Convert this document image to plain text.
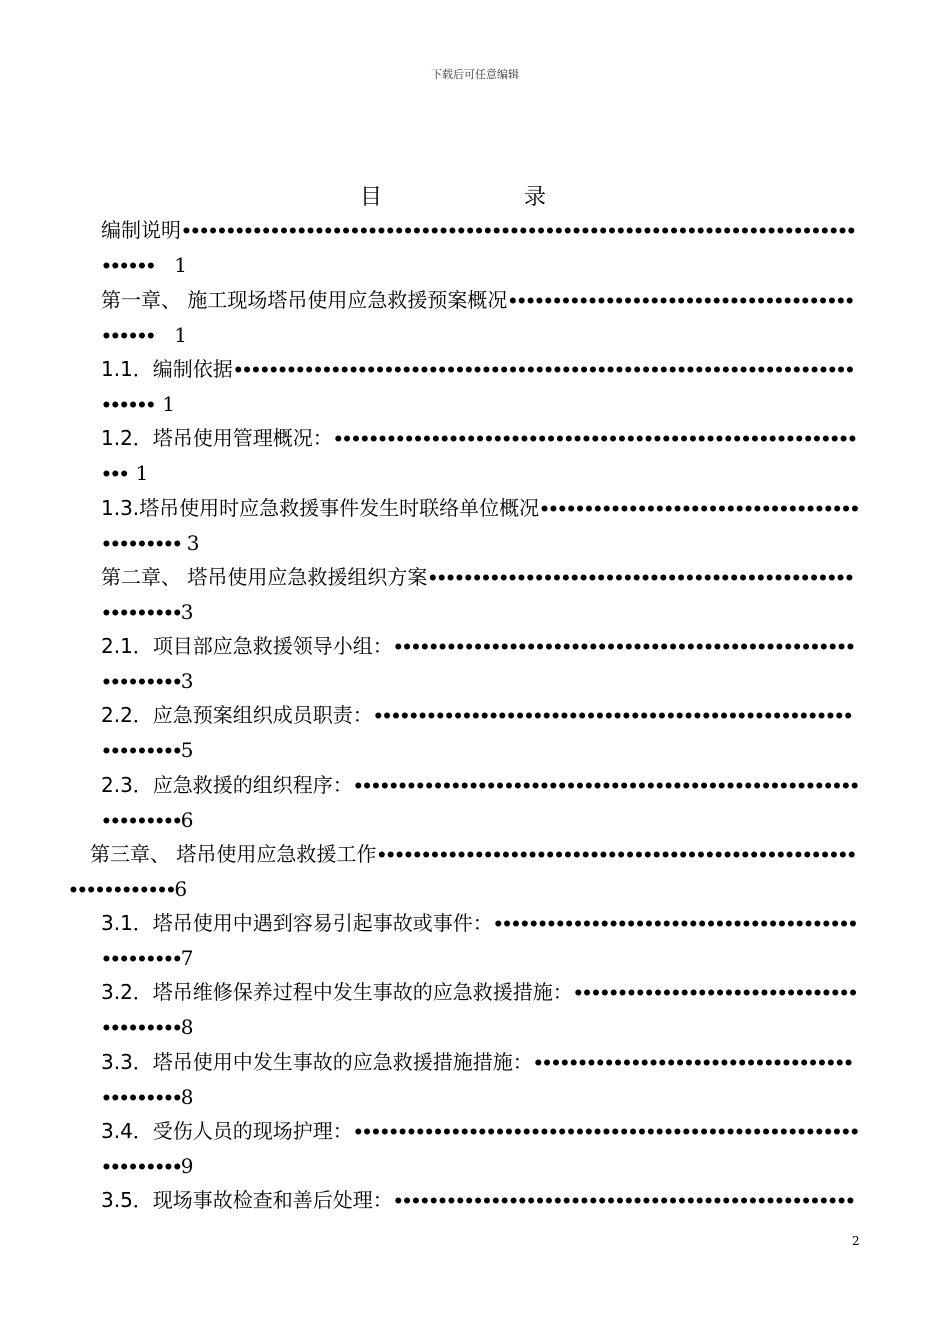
下载后可任意编辑
目　录
编制说明••••••••••••••••••••••••••••••••••••••••••••••••••••••••••••••••••••••••••••
•••••• 1
第一章、 施工现场塔吊使用应急救援预案概况•••••••••••••••••••••••••••••••••••••••
•••••• 1
1.1．编制依据••••••••••••••••••••••••••••••••••••••••••••••••••••••••••••••••••••••
•••••• 1
1.2．塔吊使用管理概况：•••••••••••••••••••••••••••••••••••••••••••••••••••••••••••
••• 1
1.3.塔吊使用时应急救援事件发生时联络单位概况••••••••••••••••••••••••••••••••••••
••••••••• 3
第二章、 塔吊使用应急救援组织方案••••••••••••••••••••••••••••••••••••••••••••••••
•••••••••3
2.1．项目部应急救援领导小组：••••••••••••••••••••••••••••••••••••••••••••••••••••
•••••••••3
2.2．应急预案组织成员职责：••••••••••••••••••••••••••••••••••••••••••••••••••••••
•••••••••5
2.3．应急救援的组织程序：•••••••••••••••••••••••••••••••••••••••••••••••••••••••••
•••••••••6
第三章、 塔吊使用应急救援工作••••••••••••••••••••••••••••••••••••••••••••••••••••••
••••••••••••6
3.1．塔吊使用中遇到容易引起事故或事件：•••••••••••••••••••••••••••••••••••••••••
•••••••••7
3.2．塔吊维修保养过程中发生事故的应急救援措施：••••••••••••••••••••••••••••••••
•••••••••8
3.3．塔吊使用中发生事故的应急救援措施措施：••••••••••••••••••••••••••••••••••••
•••••••••8
3.4．受伤人员的现场护理：•••••••••••••••••••••••••••••••••••••••••••••••••••••••••
•••••••••9
3.5．现场事故检查和善后处理：••••••••••••••••••••••••••••••••••••••••••••••••••••
2
